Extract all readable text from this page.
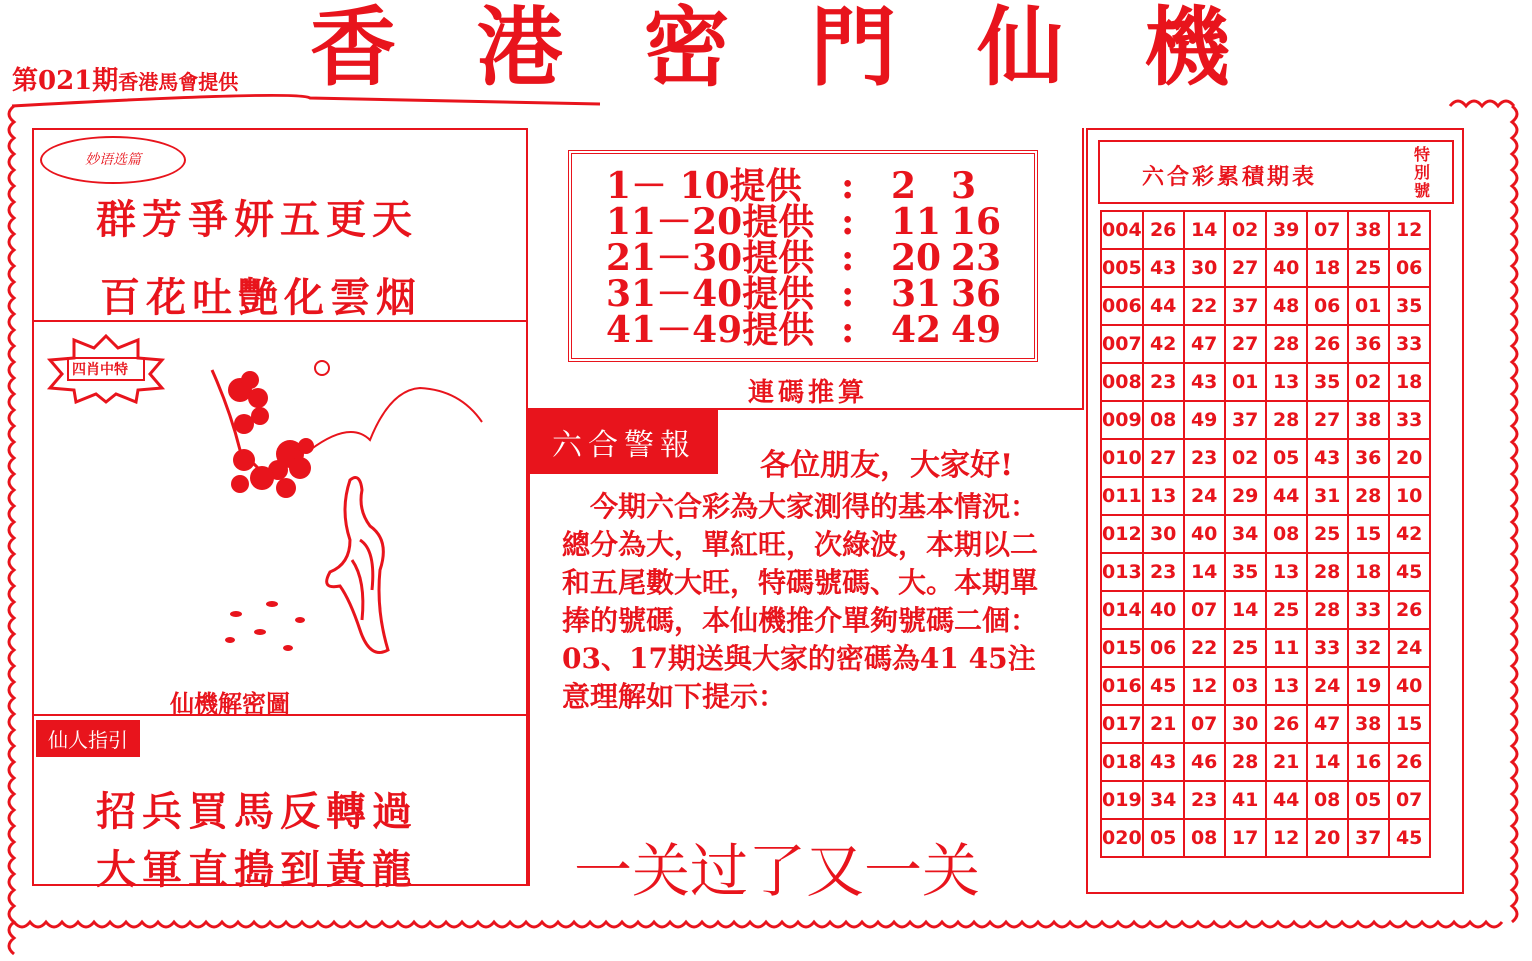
香 港 密 門 仙 機
第021期香港馬會提供
妙语选篇
群芳爭妍五更天
百花吐艷化雲烟
四肖中特
仙機解密圖
仙人指引
招兵買馬反轉過
大軍直搗到黃龍
1－ 10提供 : 2 3
11－20提供 : 11 16
21－30提供 : 20 23
31－40提供 : 31 36
41－49提供 : 42 49
連碼推算
六合警報
各位朋友，大家好!
　今期六合彩為大家測得的基本情況：總分為大，單紅旺，次綠波，本期以二和五尾數大旺，特碼號碼、大。本期單捧的號碼，本仙機推介單夠號碼二個：03、17期送與大家的密碼為41 45注意理解如下提示：
一关过了又一关
六合彩累積期表
特別號
004	26	14	02	39	07	38	12
005	43	30	27	40	18	25	06
006	44	22	37	48	06	01	35
007	42	47	27	28	26	36	33
008	23	43	01	13	35	02	18
009	08	49	37	28	27	38	33
010	27	23	02	05	43	36	20
011	13	24	29	44	31	28	10
012	30	40	34	08	25	15	42
013	23	14	35	13	28	18	45
014	40	07	14	25	28	33	26
015	06	22	25	11	33	32	24
016	45	12	03	13	24	19	40
017	21	07	30	26	47	38	15
018	43	46	28	21	14	16	26
019	34	23	41	44	08	05	07
020	05	08	17	12	20	37	45
